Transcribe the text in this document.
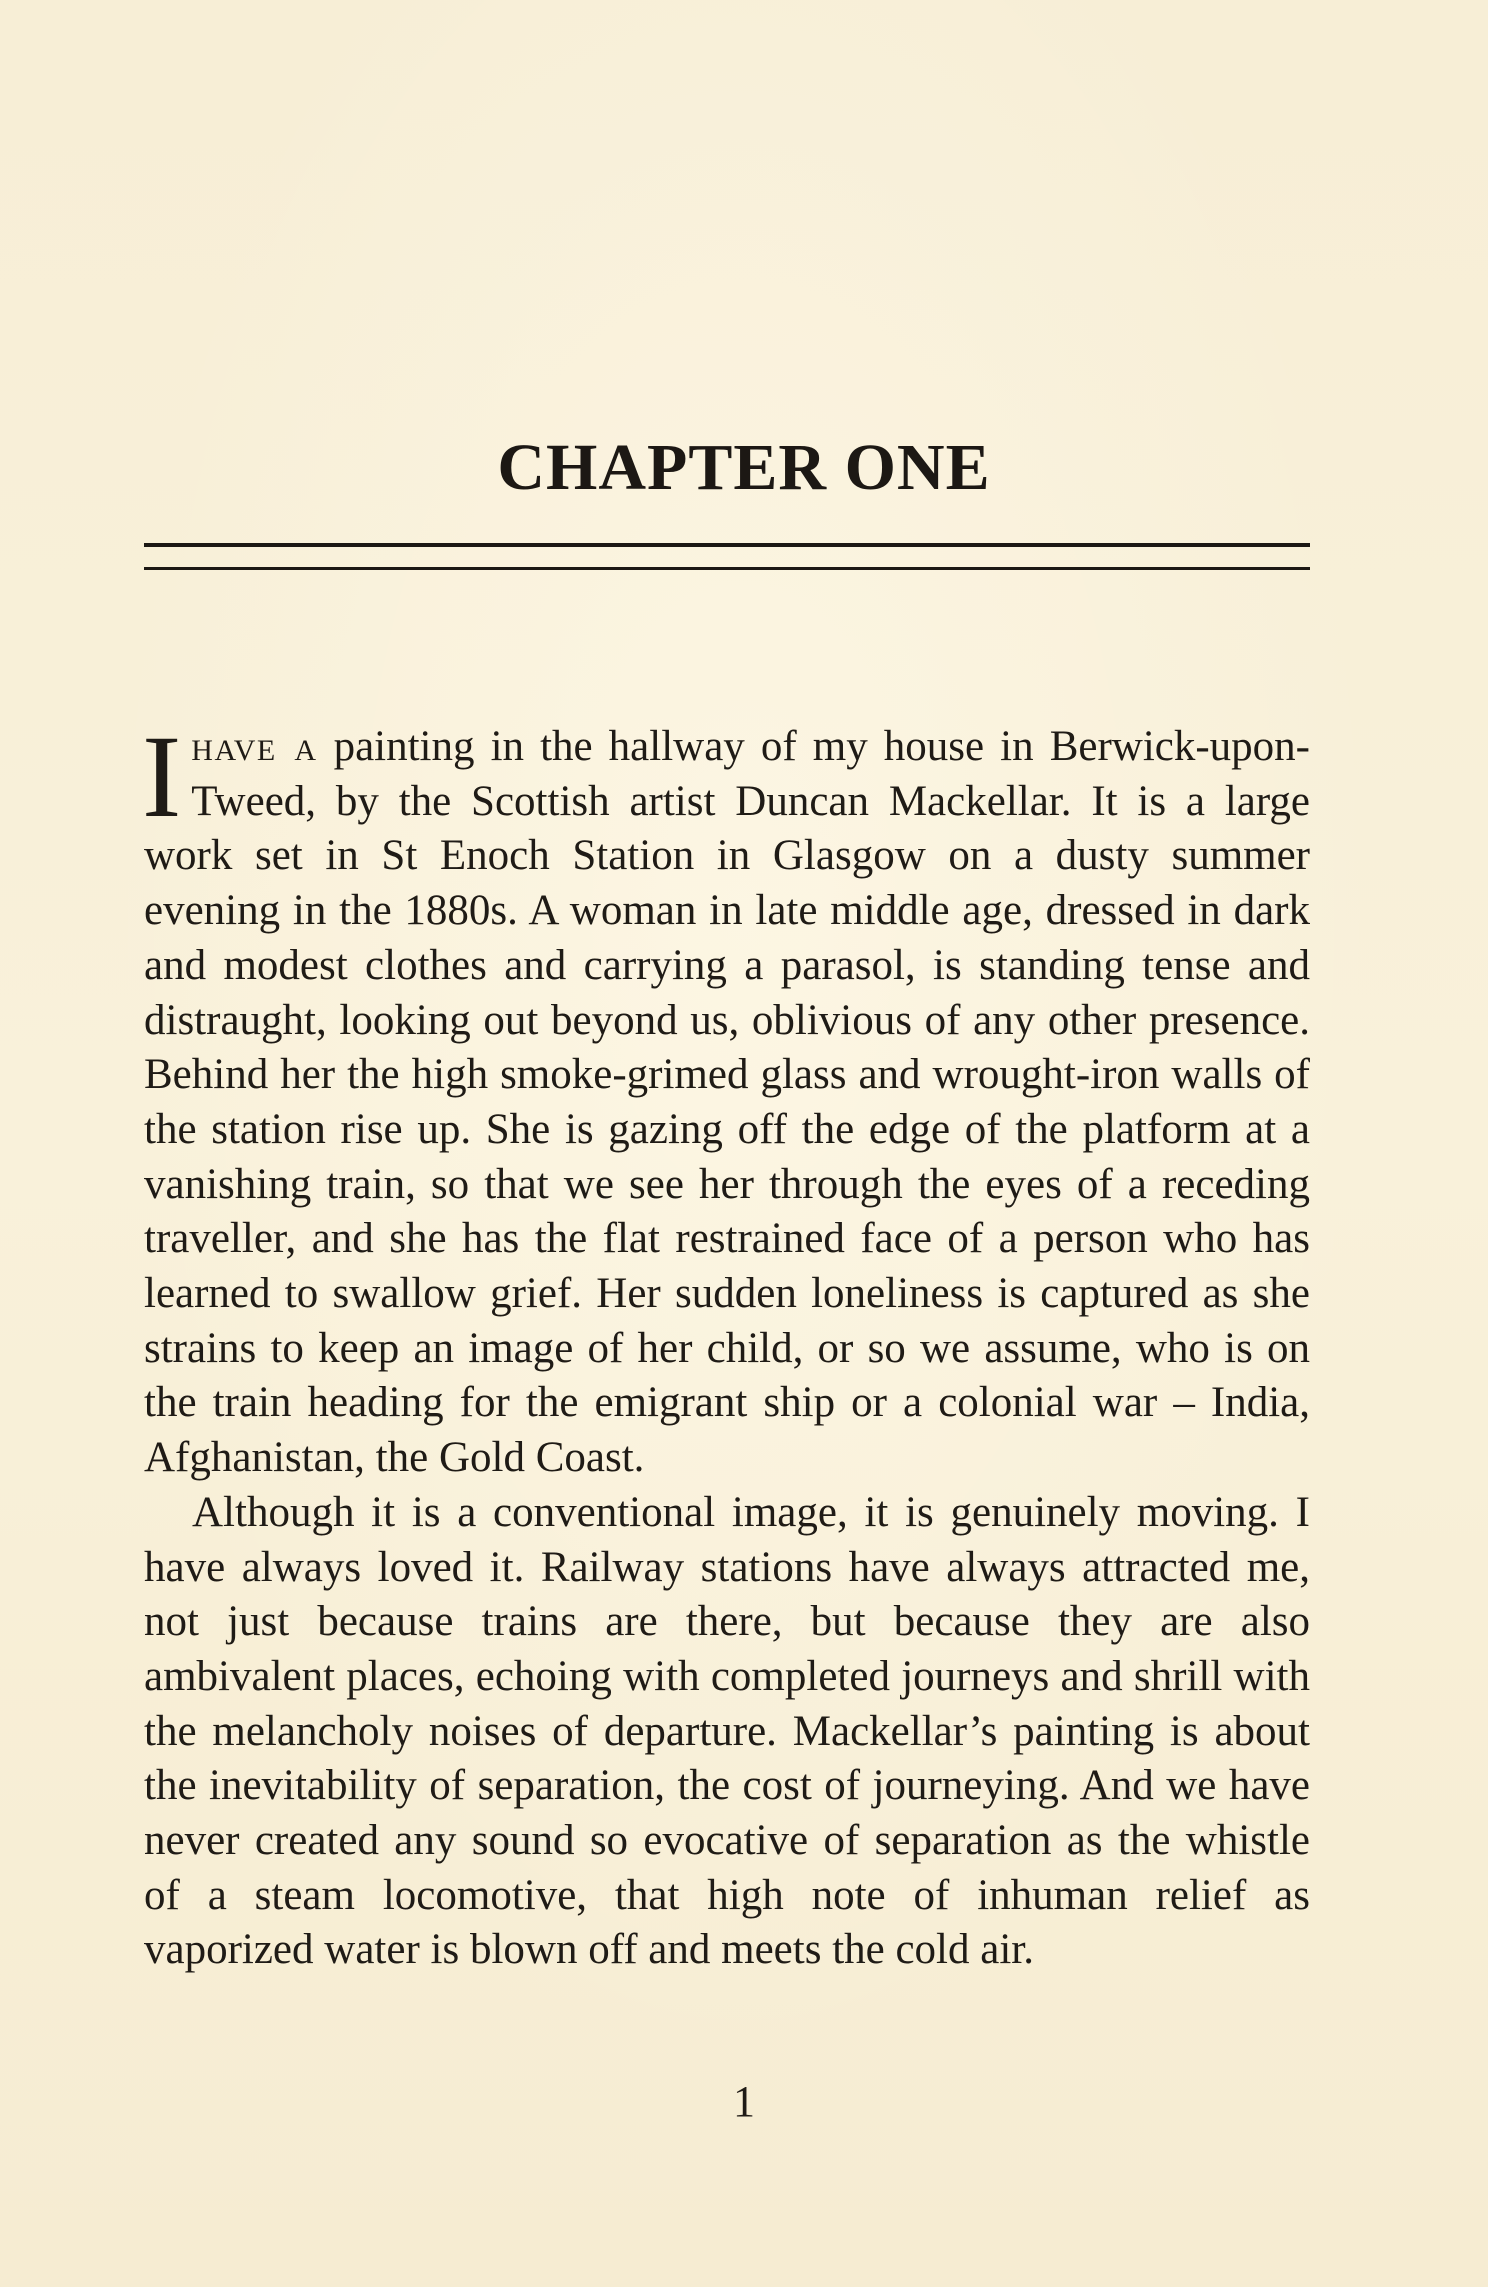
CHAPTER ONE

Ihave a painting in the hallway of my house in Berwick-upon-Tweed, by the Scottish artist Duncan Mackellar. It is a large work set in St Enoch Station in Glasgow on a dusty summer evening in the 1880s. A woman in late middle age, dressed in dark and modest clothes and carrying a parasol, is standing tense and distraught, looking out beyond us, oblivious of any other presence. Behind her the high smoke-grimed glass and wrought-iron walls of the station rise up. She is gazing off the edge of the platform at a vanishing train, so that we see her through the eyes of a receding traveller, and she has the flat restrained face of a person who has learned to swallow grief. Her sudden loneliness is captured as she strains to keep an image of her child, or so we assume, who is on the train heading for the emigrant ship or a colonial war – India, Afghanistan, the Gold Coast.

Although it is a conventional image, it is genuinely moving. I have always loved it. Railway stations have always attracted me, not just because trains are there, but because they are also ambivalent places, echoing with completed journeys and shrill with the melancholy noises of departure. Mackellar’s painting is about the inevitability of separation, the cost of journeying. And we have never created any sound so evocative of separation as the whistle of a steam locomotive, that high note of inhuman relief as vaporized water is blown off and meets the cold air.

1
